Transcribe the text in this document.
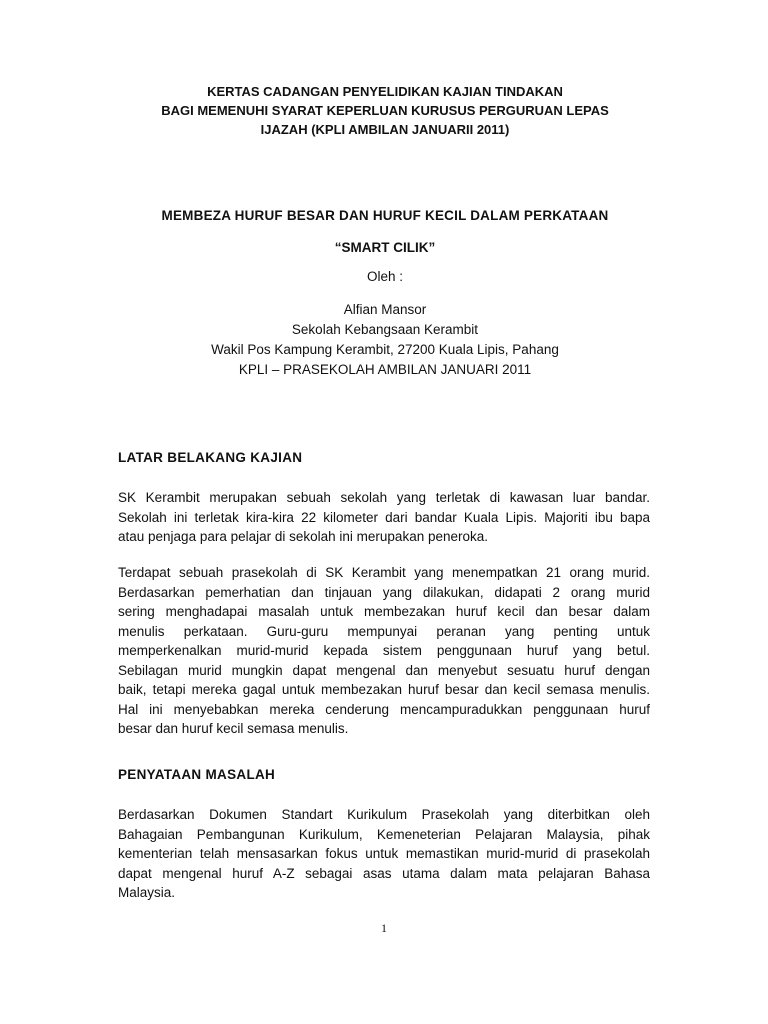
KERTAS CADANGAN PENYELIDIKAN KAJIAN TINDAKAN
BAGI MEMENUHI SYARAT KEPERLUAN KURUSUS PERGURUAN LEPAS
IJAZAH (KPLI AMBILAN JANUARII 2011)
MEMBEZA HURUF BESAR DAN HURUF KECIL DALAM PERKATAAN
“SMART CILIK”
Oleh :
Alfian Mansor
Sekolah Kebangsaan Kerambit
Wakil Pos Kampung Kerambit, 27200 Kuala Lipis, Pahang
KPLI – PRASEKOLAH AMBILAN JANUARI 2011
LATAR BELAKANG KAJIAN
SK Kerambit merupakan sebuah sekolah yang terletak di kawasan luar bandar.
Sekolah ini terletak kira-kira 22 kilometer dari bandar Kuala Lipis. Majoriti ibu bapa
atau penjaga para pelajar di sekolah ini merupakan peneroka.
Terdapat sebuah prasekolah di SK Kerambit yang menempatkan 21 orang murid.
Berdasarkan pemerhatian dan tinjauan yang dilakukan, didapati 2 orang murid
sering menghadapai masalah untuk membezakan huruf kecil dan besar dalam
menulis perkataan. Guru-guru mempunyai peranan yang penting untuk
memperkenalkan murid-murid kepada sistem penggunaan huruf yang betul.
Sebilagan murid mungkin dapat mengenal dan menyebut sesuatu huruf dengan
baik, tetapi mereka gagal untuk membezakan huruf besar dan kecil semasa menulis.
Hal ini menyebabkan mereka cenderung mencampuradukkan penggunaan huruf
besar dan huruf kecil semasa menulis.
PENYATAAN MASALAH
Berdasarkan Dokumen Standart Kurikulum Prasekolah yang diterbitkan oleh
Bahagaian Pembangunan Kurikulum, Kemeneterian Pelajaran Malaysia, pihak
kementerian telah mensasarkan fokus untuk memastikan murid-murid di prasekolah
dapat mengenal huruf A-Z sebagai asas utama dalam mata pelajaran Bahasa
Malaysia.
1
